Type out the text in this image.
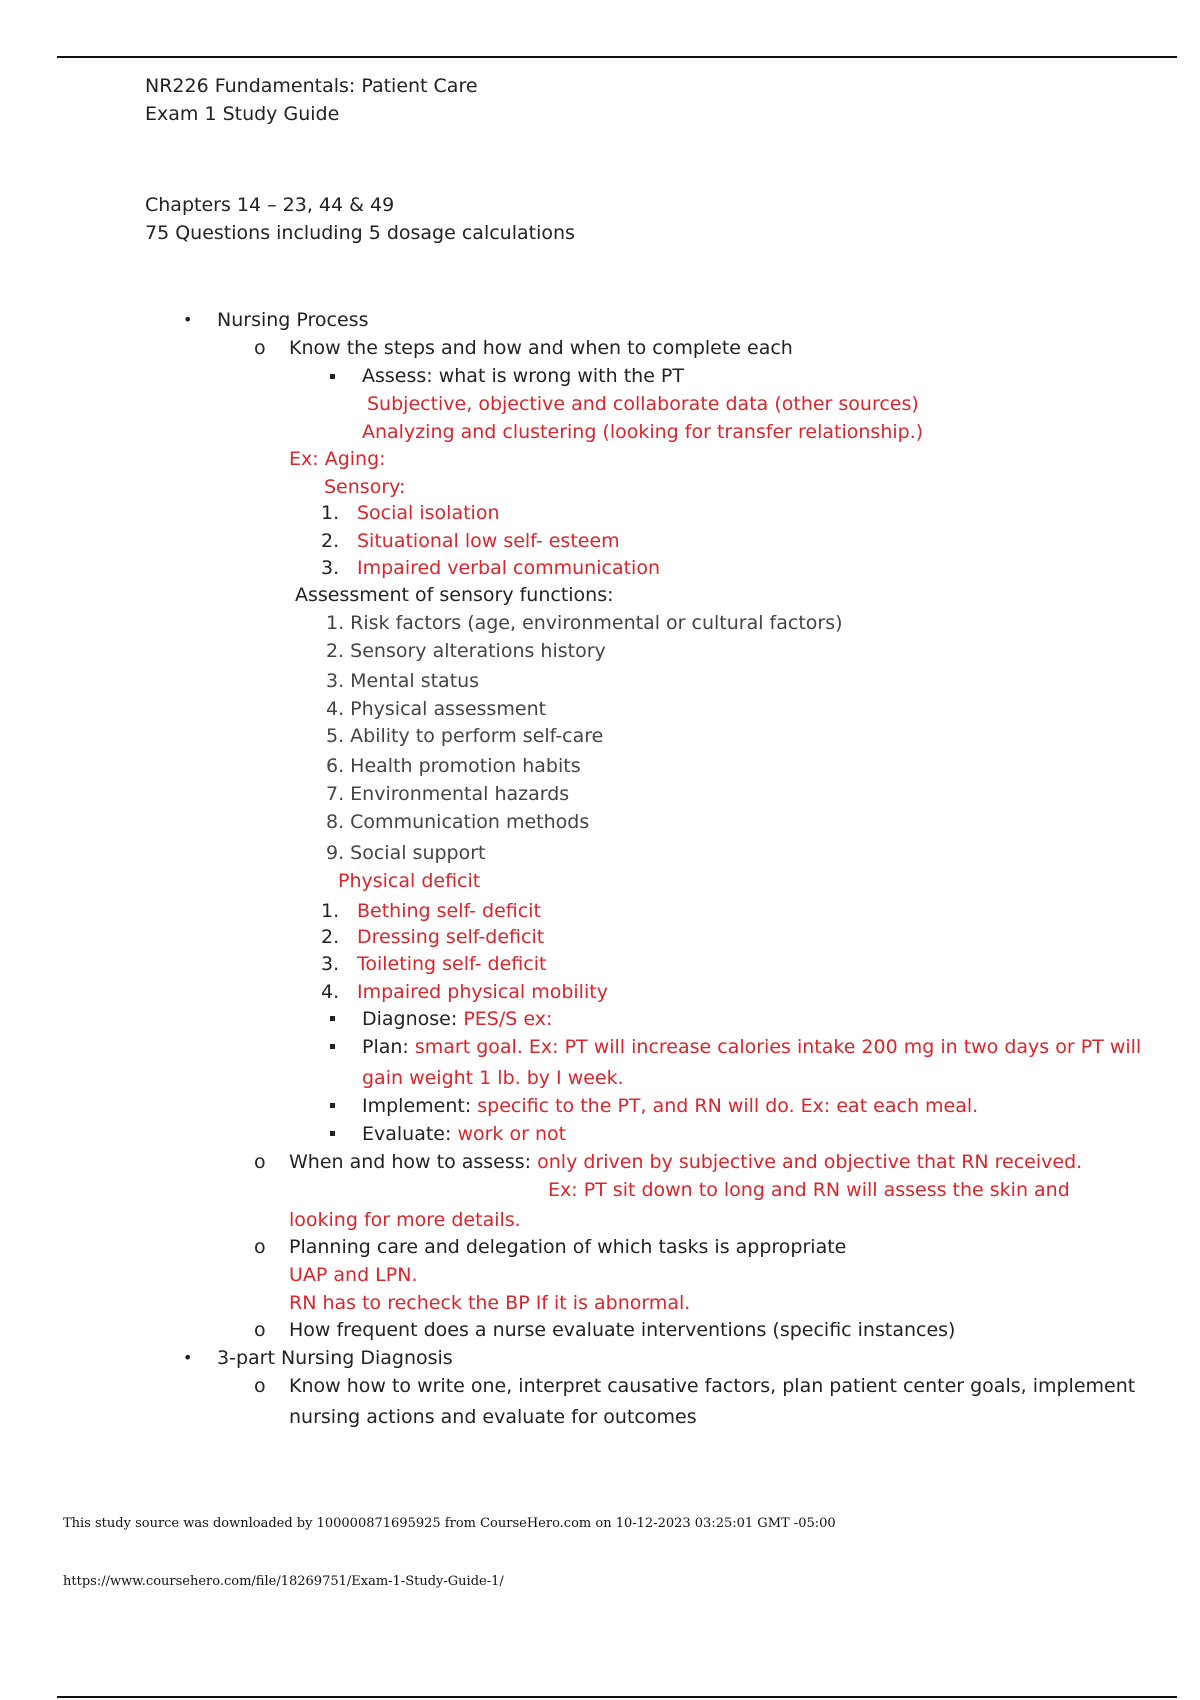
NR226 Fundamentals: Patient Care
Exam 1 Study Guide
Chapters 14 – 23, 44 & 49
75 Questions including 5 dosage calculations
• Nursing Process
o Know the steps and how and when to complete each
Assess: what is wrong with the PT
Subjective, objective and collaborate data (other sources)
Analyzing and clustering (looking for transfer relationship.)
Ex: Aging:
Sensory:
1. Social isolation
2. Situational low self- esteem
3. Impaired verbal communication
Assessment of sensory functions:
1. Risk factors (age, environmental or cultural factors)
2. Sensory alterations history
3. Mental status
4. Physical assessment
5. Ability to perform self-care
6. Health promotion habits
7. Environmental hazards
8. Communication methods
9. Social support
Physical deficit
1. Bething self- deficit
2. Dressing self-deficit
3. Toileting self- deficit
4. Impaired physical mobility
Diagnose: PES/S ex:
Plan: smart goal. Ex: PT will increase calories intake 200 mg in two days or PT will
gain weight 1 lb. by I week.
Implement: specific to the PT, and RN will do. Ex: eat each meal.
Evaluate: work or not
o When and how to assess: only driven by subjective and objective that RN received.
Ex: PT sit down to long and RN will assess the skin and
looking for more details.
o Planning care and delegation of which tasks is appropriate
UAP and LPN.
RN has to recheck the BP If it is abnormal.
o How frequent does a nurse evaluate interventions (specific instances)
• 3-part Nursing Diagnosis
o Know how to write one, interpret causative factors, plan patient center goals, implement
nursing actions and evaluate for outcomes
This study source was downloaded by 100000871695925 from CourseHero.com on 10-12-2023 03:25:01 GMT -05:00
https://www.coursehero.com/file/18269751/Exam-1-Study-Guide-1/
